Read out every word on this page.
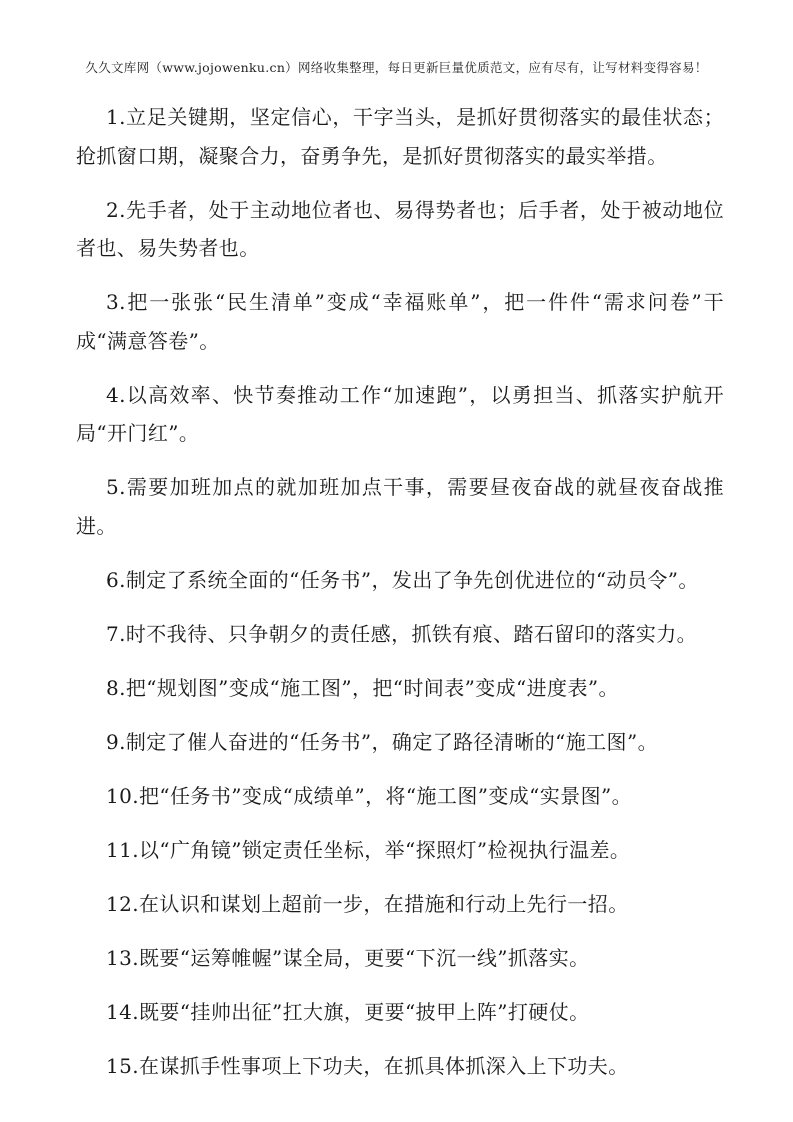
久久文库网（www.jojowenku.cn）网络收集整理，每日更新巨量优质范文，应有尽有，让写材料变得容易！

1.立足关键期，坚定信心，干字当头，是抓好贯彻落实的最佳状态；抢抓窗口期，凝聚合力，奋勇争先，是抓好贯彻落实的最实举措。

2.先手者，处于主动地位者也、易得势者也；后手者，处于被动地位者也、易失势者也。

3.把一张张“民生清单”变成“幸福账单”，把一件件“需求问卷”干成“满意答卷”。

4.以高效率、快节奏推动工作“加速跑”，以勇担当、抓落实护航开局“开门红”。

5.需要加班加点的就加班加点干事，需要昼夜奋战的就昼夜奋战推进。

6.制定了系统全面的“任务书”，发出了争先创优进位的“动员令”。

7.时不我待、只争朝夕的责任感，抓铁有痕、踏石留印的落实力。

8.把“规划图”变成“施工图”，把“时间表”变成“进度表”。

9.制定了催人奋进的“任务书”，确定了路径清晰的“施工图”。

10.把“任务书”变成“成绩单”，将“施工图”变成“实景图”。

11.以“广角镜”锁定责任坐标，举“探照灯”检视执行温差。

12.在认识和谋划上超前一步，在措施和行动上先行一招。

13.既要“运筹帷幄”谋全局，更要“下沉一线”抓落实。

14.既要“挂帅出征”扛大旗，更要“披甲上阵”打硬仗。

15.在谋抓手性事项上下功夫，在抓具体抓深入上下功夫。
